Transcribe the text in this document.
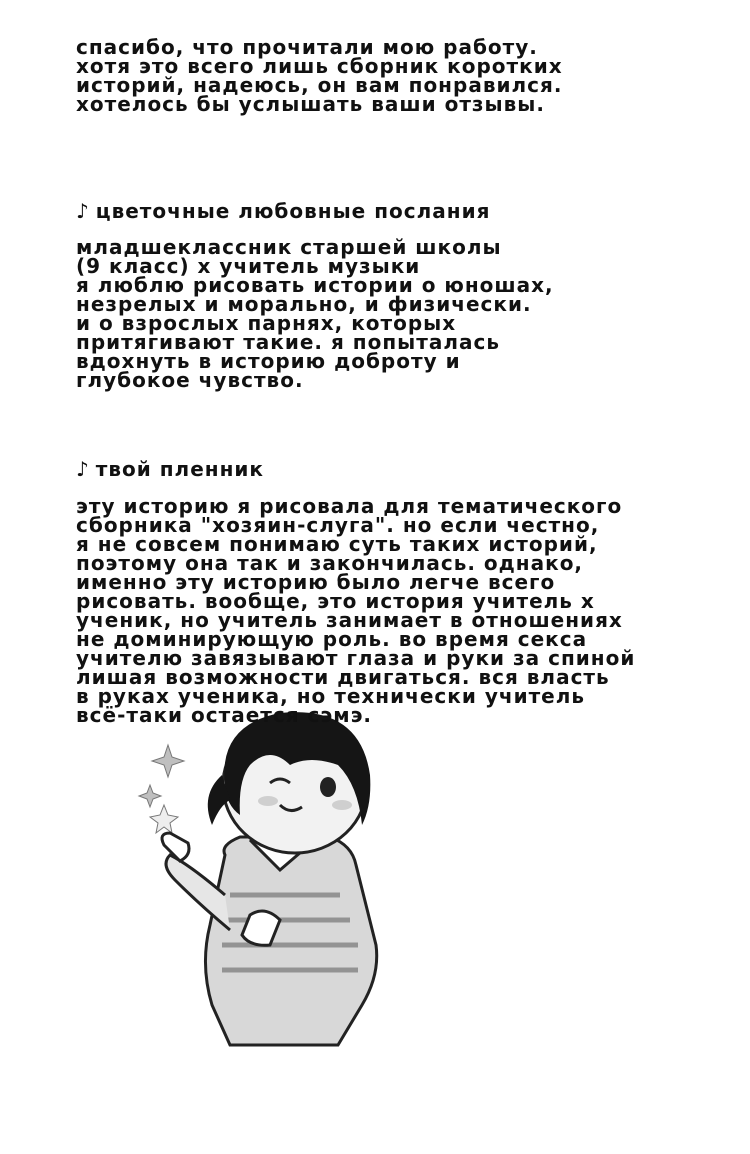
спасибо, что прочитали мою работу.
хотя это всего лишь сборник коротких
историй, надеюсь, он вам понравился.
хотелось бы услышать ваши отзывы.
♪ цветочные любовные послания
младшеклассник старшей школы
(9 класс) х учитель музыки
я люблю рисовать истории о юношах,
незрелых и морально, и физически.
и о взрослых парнях, которых
притягивают такие. я попыталась
вдохнуть в историю доброту и
глубокое чувство.
♪ твой пленник
эту историю я рисовала для тематического
сборника "хозяин-слуга". но если честно,
я не совсем понимаю суть таких историй,
поэтому она так и закончилась. однако,
именно эту историю было легче всего
рисовать. вообще, это история учитель х
ученик, но учитель занимает в отношениях
не доминирующую роль. во время секса
учителю завязывают глаза и руки за спиной
лишая возможности двигаться. вся власть
в руках ученика, но технически учитель
всё-таки остается сэмэ.
